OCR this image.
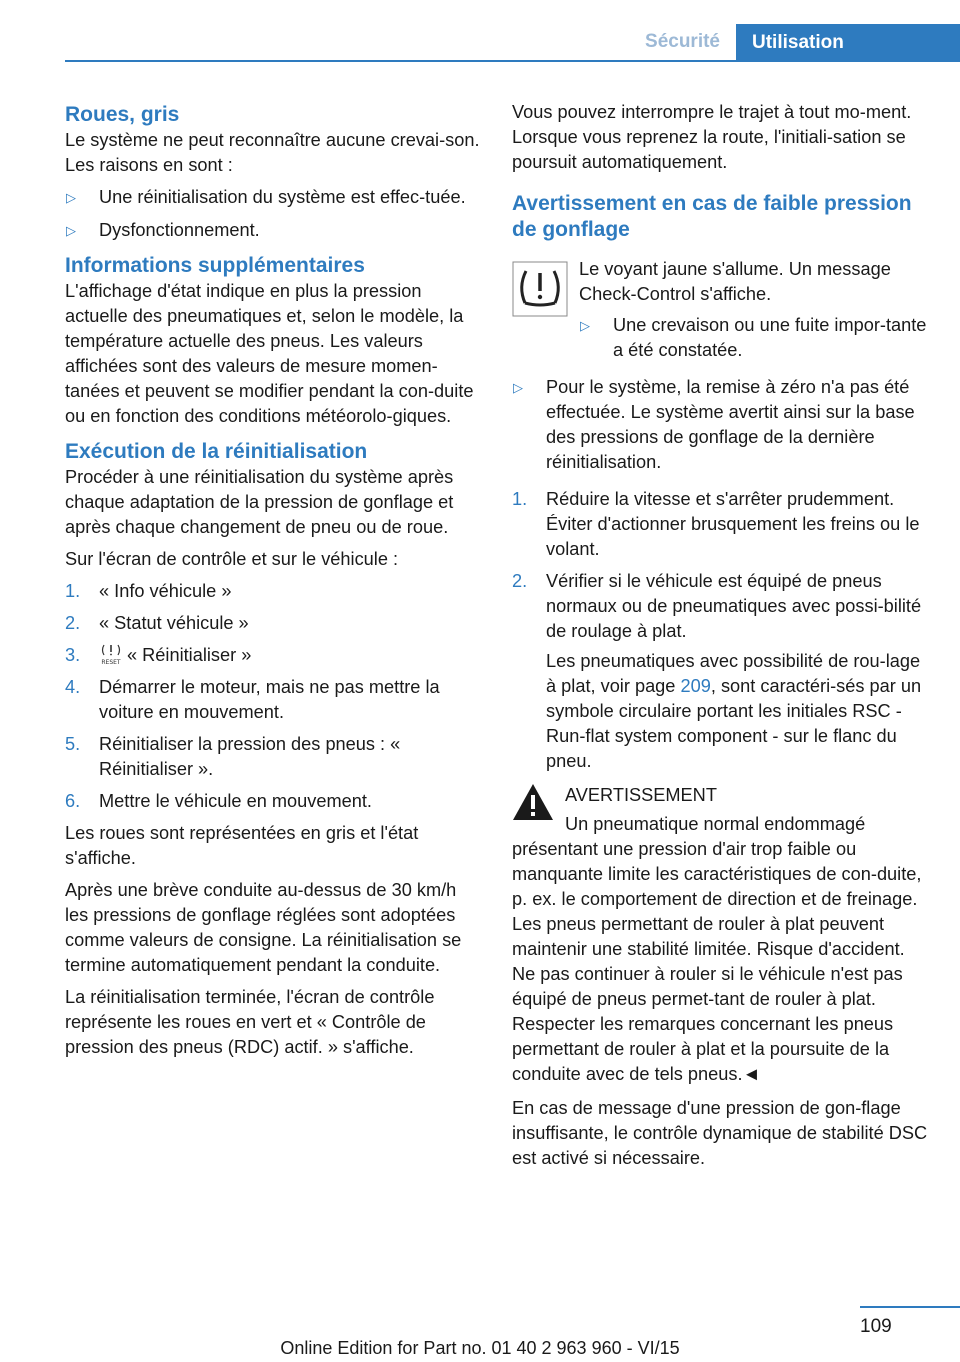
Sécurité	Utilisation
Roues, gris

Le système ne peut reconnaître aucune crevai-son. Les raisons en sont :

▷ Une réinitialisation du système est effec-tuée.
▷ Dysfonctionnement.
Informations supplémentaires

L'affichage d'état indique en plus la pression actuelle des pneumatiques et, selon le modèle, la température actuelle des pneus. Les valeurs affichées sont des valeurs de mesure momen-tanées et peuvent se modifier pendant la con-duite ou en fonction des conditions météorolo-giques.

Exécution de la réinitialisation

Procéder à une réinitialisation du système après chaque adaptation de la pression de gonflage et après chaque changement de pneu ou de roue.

Sur l'écran de contrôle et sur le véhicule :

1. « Info véhicule »
2. « Statut véhicule »
3.	RESET « Réinitialiser »
4. Démarrer le moteur, mais ne pas mettre la voiture en mouvement.
5. Réinitialiser la pression des pneus : « Réinitialiser ».
6. Mettre le véhicule en mouvement.

Les roues sont représentées en gris et l'état s'affiche.

Après une brève conduite au-dessus de 30 km/h les pressions de gonflage réglées sont adoptées comme valeurs de consigne. La réinitialisation se termine automatiquement pendant la conduite.

La réinitialisation terminée, l'écran de contrôle représente les roues en vert et « Contrôle de pression des pneus (RDC) actif. » s'affiche.

Vous pouvez interrompre le trajet à tout mo-ment. Lorsque vous reprenez la route, l'initiali-sation se poursuit automatiquement.

Avertissement en cas de faible pression de gonflage

Le voyant jaune s'allume. Un message Check-Control s'affiche.

▷ Une crevaison ou une fuite impor-tante a été constatée.
▷ Pour le système, la remise à zéro n'a pas été effectuée. Le système avertit ainsi sur la base des pressions de gonflage de la dernière réinitialisation.
1. Réduire la vitesse et s'arrêter prudemment. Éviter d'actionner brusquement les freins ou le volant.
2. Vérifier si le véhicule est équipé de pneus normaux ou de pneumatiques avec possi-bilité de roulage à plat.

Les pneumatiques avec possibilité de rou-lage à plat, voir page 209, sont caractéri-sés par un symbole circulaire portant les initiales RSC - Run-flat system component - sur le flanc du pneu.

AVERTISSEMENT
Un pneumatique normal endommagé
présentant une pression d'air trop faible ou manquante limite les caractéristiques de con-duite, p. ex. le comportement de direction et de freinage. Les pneus permettant de rouler à plat peuvent maintenir une stabilité limitée. Risque d'accident. Ne pas continuer à rouler si le véhicule n'est pas équipé de pneus permet-tant de rouler à plat. Respecter les remarques concernant les pneus permettant de rouler à plat et la poursuite de la conduite avec de tels pneus.◄

En cas de message d'une pression de gon-flage insuffisante, le contrôle dynamique de stabilité DSC est activé si nécessaire.

109
Online Edition for Part no. 01 40 2 963 960 - VI/15
